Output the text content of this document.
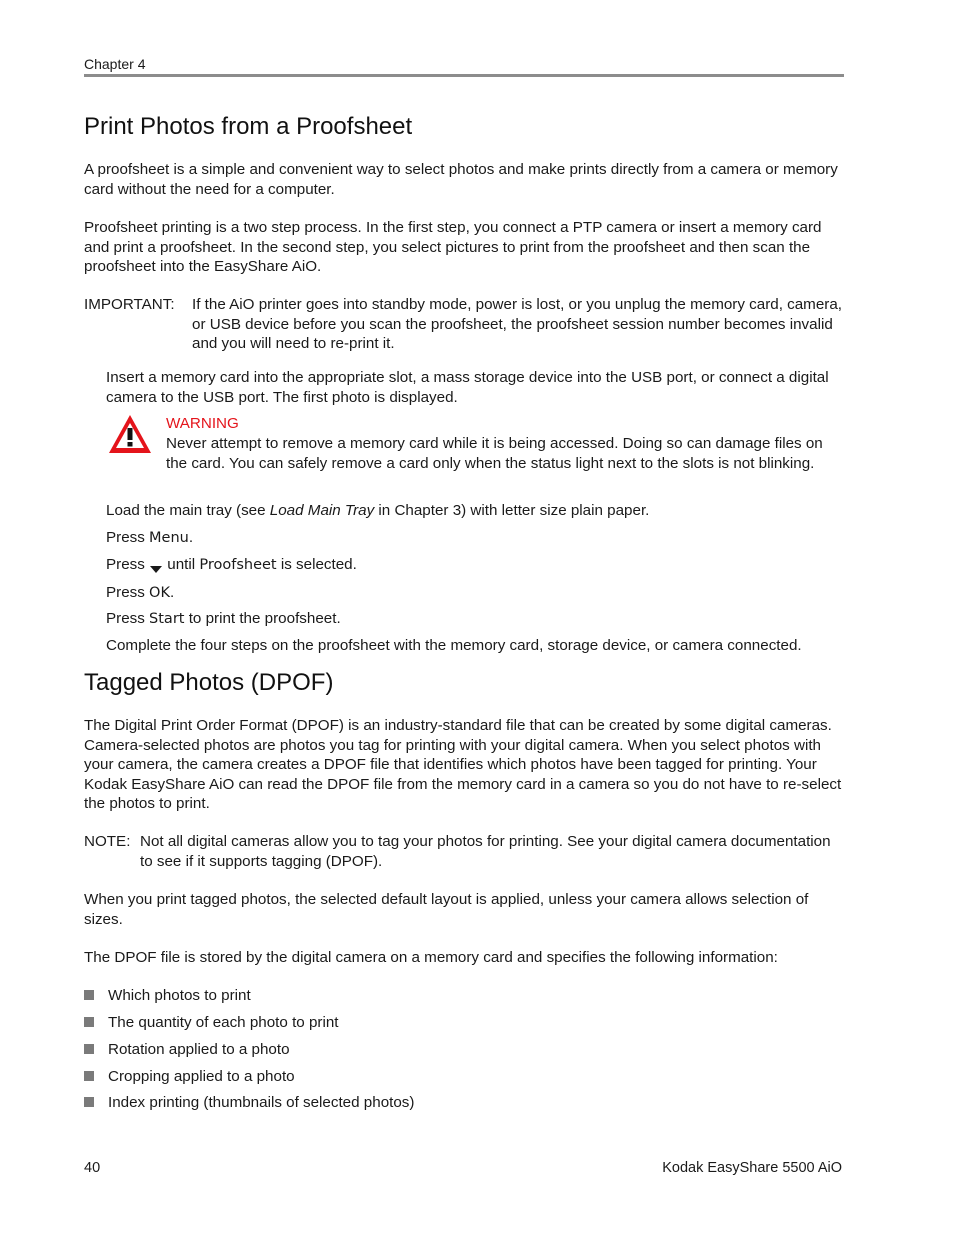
Chapter 4
Print Photos from a Proofsheet

A proofsheet is a simple and convenient way to select photos and make prints directly from a camera or memory card without the need for a computer.

Proofsheet printing is a two step process. In the first step, you connect a PTP camera or insert a memory card and print a proofsheet. In the second step, you select pictures to print from the proofsheet and then scan the proofsheet into the EasyShare AiO.

IMPORTANT: If the AiO printer goes into standby mode, power is lost, or you unplug the memory card, camera, or USB device before you scan the proofsheet, the proofsheet session number becomes invalid and you will need to re-print it.

Insert a memory card into the appropriate slot, a mass storage device into the USB port, or connect a digital camera to the USB port. The first photo is displayed.

WARNING
Never attempt to remove a memory card while it is being accessed. Doing so can damage files on the card. You can safely remove a card only when the status light next to the slots is not blinking.

Load the main tray (see Load Main Tray in Chapter 3) with letter size plain paper.

Press Menu.

Press  until Proofsheet is selected.

Press OK.

Press Start to print the proofsheet.

Complete the four steps on the proofsheet with the memory card, storage device, or camera connected.

Tagged Photos (DPOF)

The Digital Print Order Format (DPOF) is an industry-standard file that can be created by some digital cameras. Camera-selected photos are photos you tag for printing with your digital camera. When you select photos with your camera, the camera creates a DPOF file that identifies which photos have been tagged for printing. Your Kodak EasyShare AiO can read the DPOF file from the memory card in a camera so you do not have to re-select the photos to print.

NOTE: Not all digital cameras allow you to tag your photos for printing. See your digital camera documentation to see if it supports tagging (DPOF).

When you print tagged photos, the selected default layout is applied, unless your camera allows selection of sizes.

The DPOF file is stored by the digital camera on a memory card and specifies the following information:

Which photos to print
The quantity of each photo to print
Rotation applied to a photo
Cropping applied to a photo
Index printing (thumbnails of selected photos)
40	Kodak EasyShare 5500 AiO
